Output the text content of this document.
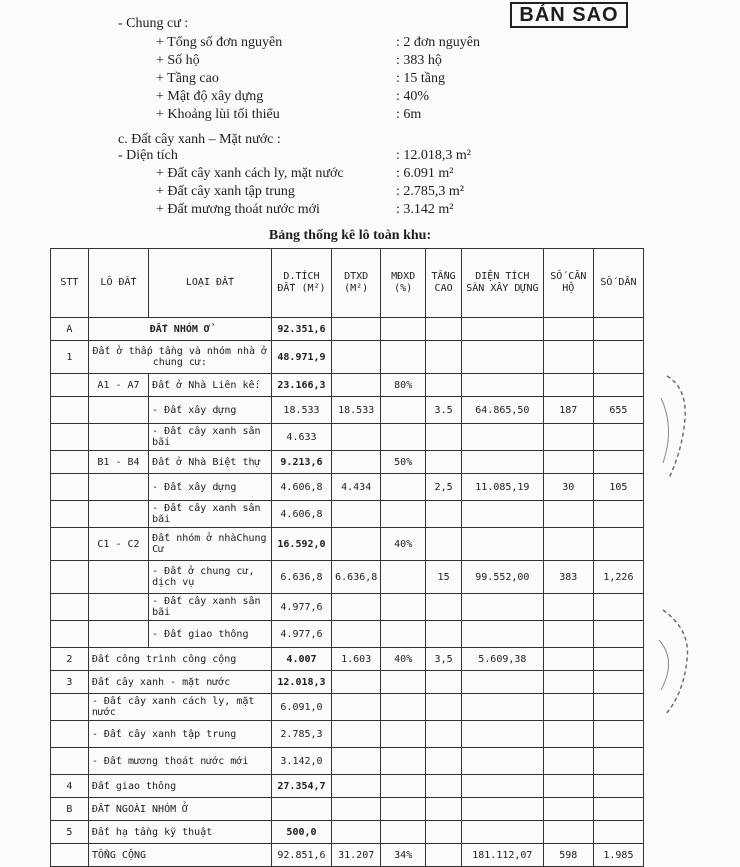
BẢN SAO
- Chung cư :
+ Tổng số đơn nguyên	: 2 đơn nguyên
+ Số hộ	: 383 hộ
+ Tầng cao	: 15 tầng
+ Mật độ xây dựng	: 40%
+ Khoảng lùi tối thiểu	: 6m
c. Đất cây xanh – Mặt nước :
- Diện tích	: 12.018,3 m²
+ Đất cây xanh cách ly, mặt nước	: 6.091 m²
+ Đất cây xanh tập trung	: 2.785,3 m²
+ Đất mương thoát nước mới	: 3.142 m²
Bảng thống kê lô toàn khu:
STT	LÔ ĐẤT	LOẠI ĐẤT	D.TÍCH ĐẤT (M²)	DTXD (M²)	MĐXD (%)	TẦNG CAO	DIỆN TÍCH SÀN XÂY DỰNG	SỐ CĂN HỘ	SỐ DÂN
A	ĐẤT NHÓM Ở		92.351,6						
1	Đất ở thấp tầng và nhóm nhà ở chung cư:		48.971,9						
	A1 - A7	Đất ở Nhà Liên kế:	23.166,3		80%				
		- Đất xây dựng	18.533	18.533		3.5	64.865,50	187	655
		- Đất cây xanh sân bãi	4.633						
	B1 - B4	Đất ở Nhà Biệt thự	9.213,6		50%				
		- Đất xây dựng	4.606,8	4.434		2,5	11.085,19	30	105
		- Đất cây xanh sân bãi	4.606,8						
	C1 - C2	Đất nhóm ở nhàChung Cư	16.592,0		40%				
		- Đất ở chung cư, dịch vụ	6.636,8	6.636,8		15	99.552,00	383	1,226
		- Đất cây xanh sân bãi	4.977,6						
		- Đất giao thông	4.977,6						
2	Đất công trình công cộng		4.007	1.603	40%	3,5	5.609,38		
3	Đất cây xanh - mặt nước		12.018,3						
	- Đất cây xanh cách ly, mặt nước		6.091,0						
	- Đất cây xanh tập trung		2.785,3						
	- Đất mương thoát nước mới		3.142,0						
4	Đất giao thông		27.354,7						
B	ĐẤT NGOÀI NHÓM Ở								
5	Đất hạ tầng kỹ thuật		500,0						
	TỔNG CỘNG		92.851,6	31.207	34%		181.112,07	598	1.985
